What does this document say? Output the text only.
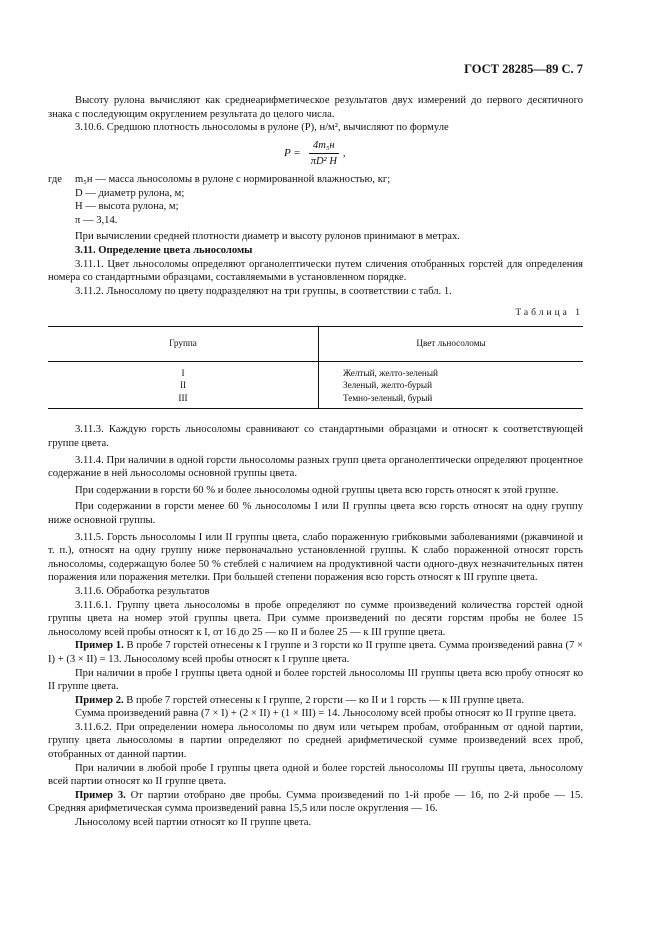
ГОСТ 28285—89 С. 7

Высоту рулона вычисляют как среднеарифметическое результатов двух измерений до первого десятичного знака с последующим округлением результата до целого числа.

3.10.6. Средшою плотность льносоломы в рулоне (Р), н/м², вычисляют по формуле

$P = \frac{\text{4m₅н}}{\text{πD² H}}$ ,
где	m₅н — масса льносоломы в рулоне с нормированной влажностью, кг;
D — диаметр рулона, м;
H — высота рулона, м;
π — 3,14.

При вычислении средней плотности диаметр и высоту рулонов принимают в метрах.

3.11. Определение цвета льносоломы

3.11.1. Цвет льносоломы определяют органолептически путем сличения отобранных горстей для определения номера со стандартными образцами, составляемыми в установленном порядке.

3.11.2. Льносолому по цвету подразделяют на три группы, в соответствии с табл. 1.

Таблица 1
Группа	Цвет льносоломы
I	Желтый, желто-зеленый
II	Зеленый, желто-бурый
III	Темно-зеленый, бурый

3.11.3. Каждую горсть льносоломы сравнивают со стандартными образцами и относят к соответствующей группе цвета.

3.11.4. При наличии в одной горсти льносоломы разных групп цвета органолептически определяют процентное содержание в ней льносоломы основной группы цвета.

При содержании в горсти 60 % и более льносоломы одной группы цвета всю горсть относят к этой группе.

При содержании в горсти менее 60 % льносоломы I или II группы цвета всю горсть относят на одну группу ниже основной группы.

3.11.5. Горсть льносоломы I или II группы цвета, слабо пораженную грибковыми заболеваниями (ржавчиной и т. п.), относят на одну группу ниже первоначально установленной группы. К слабо пораженной относят горсть льносоломы, содержащую более 50 % стеблей с наличием на продуктивной части одного-двух незначительных пятен поражения или поражения метелки. При большей степени поражения всю горсть относят к III группе цвета.

3.11.6. Обработка результатов

3.11.6.1. Группу цвета льносоломы в пробе определяют по сумме произведений количества горстей одной группы цвета на номер этой группы цвета. При сумме произведений по десяти горстям пробы не более 15 льносолому всей пробы относят к I, от 16 до 25 — ко II и более 25 — к III группе цвета.

Пример 1. В пробе 7 горстей отнесены к I группе и 3 горсти ко II группе цвета. Сумма произведений равна (7 × I) + (3 × II) = 13. Льносолому всей пробы относят к I группе цвета.

При наличии в пробе I группы цвета одной и более горстей льносоломы III группы цвета всю пробу относят ко II группе цвета.

Пример 2. В пробе 7 горстей отнесены к I группе, 2 горсти — ко II и 1 горсть — к III группе цвета.

Сумма произведений равна (7 × I) + (2 × II) + (1 × III) = 14. Льносолому всей пробы относят ко II группе цвета.

3.11.6.2. При определении номера льносоломы по двум или четырем пробам, отобранным от одной партии, группу цвета льносоломы в партии определяют по средней арифметической сумме произведений всех проб, отобранных от данной партии.

При наличии в любой пробе I группы цвета одной и более горстей льносоломы III группы цвета, льносолому всей партии относят ко II группе цвета.

Пример 3. От партии отобрано две пробы. Сумма произведений по 1-й пробе — 16, по 2-й пробе — 15. Средняя арифметическая сумма произведений равна 15,5 или после округления — 16.

Льносолому всей партии относят ко II группе цвета.
